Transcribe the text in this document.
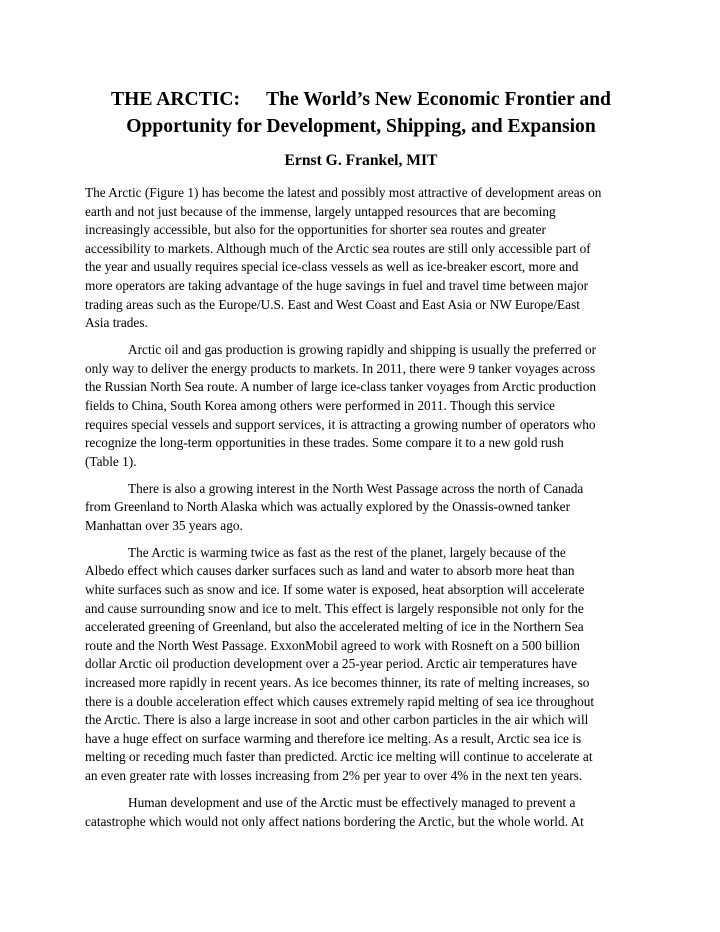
THE ARCTIC: The World’s New Economic Frontier and
Opportunity for Development, Shipping, and Expansion

Ernst G. Frankel, MIT

The Arctic (Figure 1) has become the latest and possibly most attractive of development areas on
earth and not just because of the immense, largely untapped resources that are becoming
increasingly accessible, but also for the opportunities for shorter sea routes and greater
accessibility to markets. Although much of the Arctic sea routes are still only accessible part of
the year and usually requires special ice-class vessels as well as ice-breaker escort, more and
more operators are taking advantage of the huge savings in fuel and travel time between major
trading areas such as the Europe/U.S. East and West Coast and East Asia or NW Europe/East
Asia trades.

Arctic oil and gas production is growing rapidly and shipping is usually the preferred or
only way to deliver the energy products to markets. In 2011, there were 9 tanker voyages across
the Russian North Sea route. A number of large ice-class tanker voyages from Arctic production
fields to China, South Korea among others were performed in 2011. Though this service
requires special vessels and support services, it is attracting a growing number of operators who
recognize the long-term opportunities in these trades. Some compare it to a new gold rush
(Table 1).

There is also a growing interest in the North West Passage across the north of Canada
from Greenland to North Alaska which was actually explored by the Onassis-owned tanker
Manhattan over 35 years ago.

The Arctic is warming twice as fast as the rest of the planet, largely because of the
Albedo effect which causes darker surfaces such as land and water to absorb more heat than
white surfaces such as snow and ice. If some water is exposed, heat absorption will accelerate
and cause surrounding snow and ice to melt. This effect is largely responsible not only for the
accelerated greening of Greenland, but also the accelerated melting of ice in the Northern Sea
route and the North West Passage. ExxonMobil agreed to work with Rosneft on a 500 billion
dollar Arctic oil production development over a 25-year period. Arctic air temperatures have
increased more rapidly in recent years. As ice becomes thinner, its rate of melting increases, so
there is a double acceleration effect which causes extremely rapid melting of sea ice throughout
the Arctic. There is also a large increase in soot and other carbon particles in the air which will
have a huge effect on surface warming and therefore ice melting. As a result, Arctic sea ice is
melting or receding much faster than predicted. Arctic ice melting will continue to accelerate at
an even greater rate with losses increasing from 2% per year to over 4% in the next ten years.

Human development and use of the Arctic must be effectively managed to prevent a
catastrophe which would not only affect nations bordering the Arctic, but the whole world. At
